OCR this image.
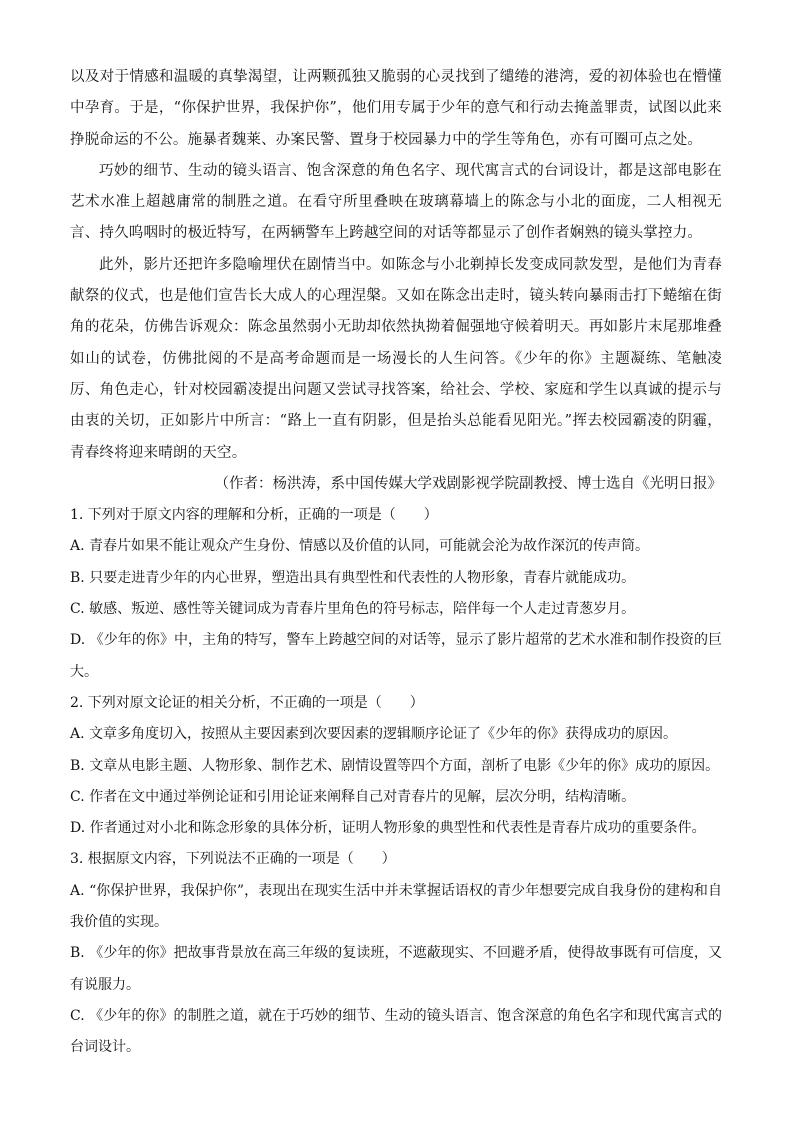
以及对于情感和温暖的真挚渴望，让两颗孤独又脆弱的心灵找到了缱绻的港湾，爱的初体验也在懵懂中孕育。于是，“你保护世界，我保护你”，他们用专属于少年的意气和行动去掩盖罪责，试图以此来挣脱命运的不公。施暴者魏莱、办案民警、置身于校园暴力中的学生等角色，亦有可圈可点之处。

巧妙的细节、生动的镜头语言、饱含深意的角色名字、现代寓言式的台词设计，都是这部电影在艺术水准上超越庸常的制胜之道。在看守所里叠映在玻璃幕墙上的陈念与小北的面庞，二人相视无言、持久呜咽时的极近特写，在两辆警车上跨越空间的对话等都显示了创作者娴熟的镜头掌控力。

此外，影片还把许多隐喻埋伏在剧情当中。如陈念与小北剃掉长发变成同款发型，是他们为青春献祭的仪式，也是他们宣告长大成人的心理涅槃。又如在陈念出走时，镜头转向暴雨击打下蜷缩在街角的花朵，仿佛告诉观众：陈念虽然弱小无助却依然执拗着倔强地守候着明天。再如影片末尾那堆叠如山的试卷，仿佛批阅的不是高考命题而是一场漫长的人生问答。《少年的你》主题凝练、笔触凌厉、角色走心，针对校园霸凌提出问题又尝试寻找答案，给社会、学校、家庭和学生以真诚的提示与由衷的关切，正如影片中所言：“路上一直有阴影，但是抬头总能看见阳光。”挥去校园霸凌的阴霾，青春终将迎来晴朗的天空。

（作者：杨洪涛，系中国传媒大学戏剧影视学院副教授、博士选自《光明日报》

1. 下列对于原文内容的理解和分析，正确的一项是（　　）

A. 青春片如果不能让观众产生身份、情感以及价值的认同，可能就会沦为故作深沉的传声筒。

B. 只要走进青少年的内心世界，塑造出具有典型性和代表性的人物形象，青春片就能成功。

C. 敏感、叛逆、感性等关键词成为青春片里角色的符号标志，陪伴每一个人走过青葱岁月。

D. 《少年的你》中，主角的特写，警车上跨越空间的对话等，显示了影片超常的艺术水准和制作投资的巨大。

2. 下列对原文论证的相关分析，不正确的一项是（　　）

A. 文章多角度切入，按照从主要因素到次要因素的逻辑顺序论证了《少年的你》获得成功的原因。

B. 文章从电影主题、人物形象、制作艺术、剧情设置等四个方面，剖析了电影《少年的你》成功的原因。

C. 作者在文中通过举例论证和引用论证来阐释自己对青春片的见解，层次分明，结构清晰。

D. 作者通过对小北和陈念形象的具体分析，证明人物形象的典型性和代表性是青春片成功的重要条件。

3. 根据原文内容，下列说法不正确的一项是（　　）

A. “你保护世界，我保护你”，表现出在现实生活中并未掌握话语权的青少年想要完成自我身份的建构和自我价值的实现。

B. 《少年的你》把故事背景放在高三年级的复读班，不遮蔽现实、不回避矛盾，使得故事既有可信度，又有说服力。

C. 《少年的你》的制胜之道，就在于巧妙的细节、生动的镜头语言、饱含深意的角色名字和现代寓言式的台词设计。
